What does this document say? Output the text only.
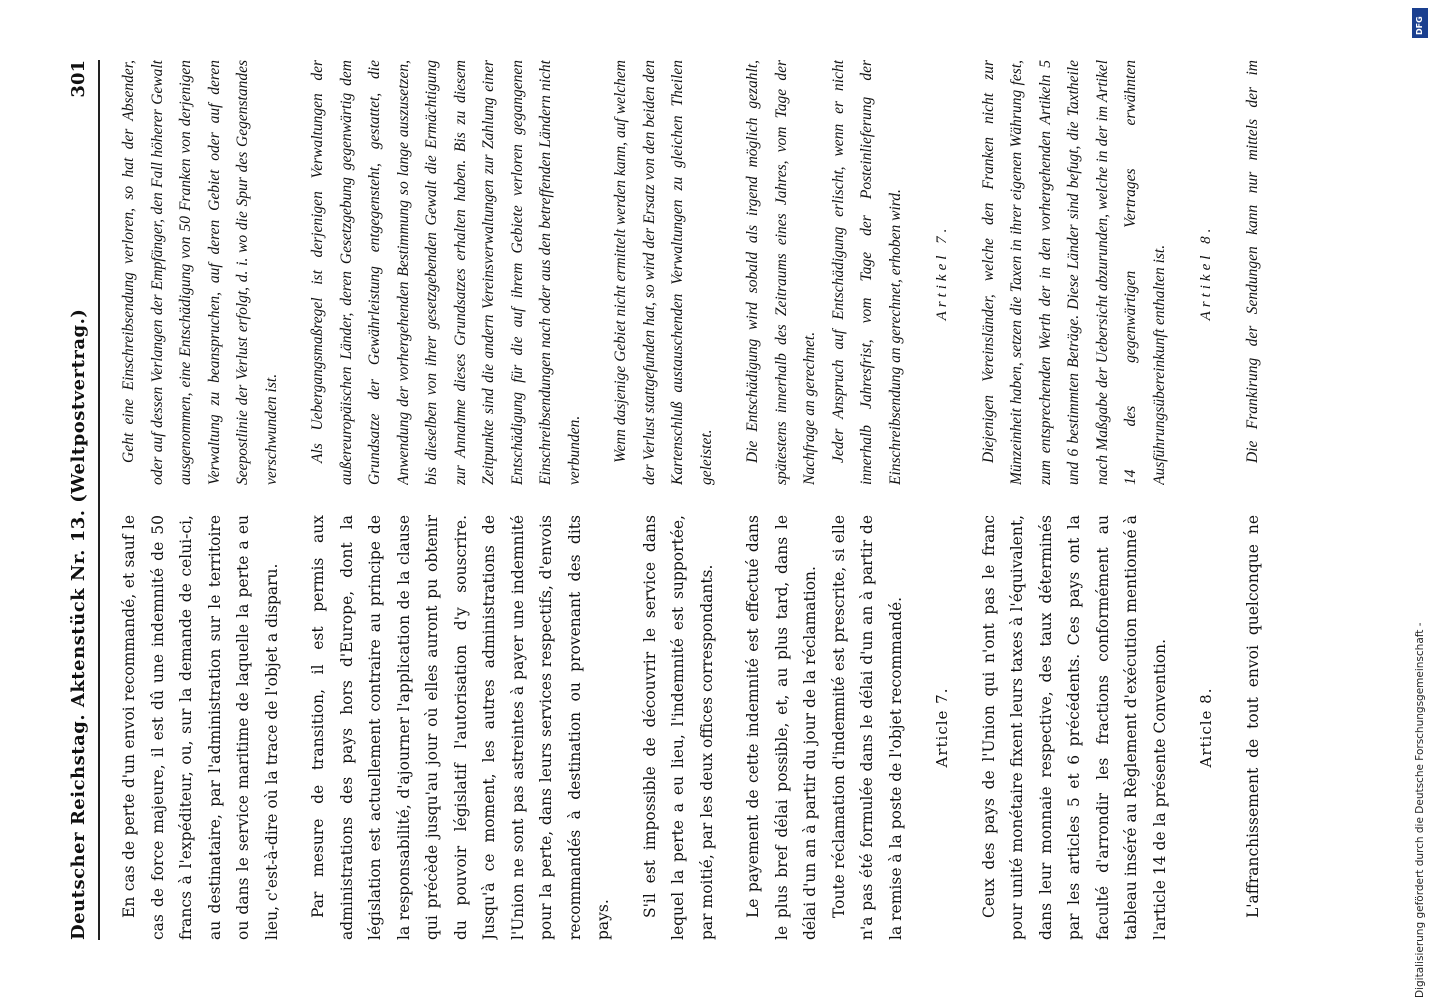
Deutscher Reichstag. Aktenstück Nr. 13. (Weltpostvertrag.)
301

En cas de perte d'un envoi recommandé, et sauf le cas de force majeure, il est dû une indemnité de 50 francs à l'expéditeur, ou, sur la demande de celui-ci, au destinataire, par l'administration sur le territoire ou dans le service maritime de laquelle la perte a eu lieu, c'est-à-dire où la trace de l'objet a disparu.	Par mesure de transition, il est permis aux administrations des pays hors d'Europe, dont la législation est actuellement contraire au principe de la responsabilité, d'ajourner l'application de la clause qui précède jusqu'au jour où elles auront pu obtenir du pouvoir législatif l'autorisation d'y souscrire. Jusqu'à ce moment, les autres administrations de l'Union ne sont pas astreintes à payer une indemnité pour la perte, dans leurs services respectifs, d'envois recommandés à destination ou provenant des dits pays.

S'il est impossible de découvrir le service dans lequel la perte a eu lieu, l'indemnité est supportée, par moitié, par les deux offices correspondants.	Le payement de cette indemnité est effectué dans le plus bref délai possible, et, au plus tard, dans le délai d'un an à partir du jour de la réclamation. Toute réclamation d'indemnité est prescrite, si elle n'a pas été formulée dans le délai d'un an à partir de la remise à la poste de l'objet recommandé.	Article 7.	Ceux des pays de l'Union qui n'ont pas le franc pour unité monétaire fixent leurs taxes à l'équivalent, dans leur monnaie respective, des taux déterminés par les articles 5 et 6 précédents. Ces pays ont la faculté d'arrondir les fractions conformément au tableau inséré au Règlement d'exécution mentionné à l'article 14 de la présente Convention.	Article 8.

L'affranchissement de tout envoi quelconque ne

Geht eine Einschreibsendung verloren, so hat der Absender, oder auf dessen Verlangen der Empfänger, den Fall höherer Gewalt ausgenommen, eine Entschädigung von 50 Franken von derjenigen Verwaltung zu beanspruchen, auf deren Gebiet oder auf deren Seepostlinie der Verlust erfolgt, d. i. wo die Spur des Gegenstandes verschwunden ist.	Als Uebergangsmaßregel ist derjenigen Verwaltungen der außereuropäischen Länder, deren Gesetzgebung gegenwärtig dem Grundsatze der Gewährleistung entgegensteht, gestattet, die Anwendung der vorhergehenden Bestimmung so lange auszusetzen, bis dieselben von ihrer gesetzgebenden Gewalt die Ermächtigung zur Annahme dieses Grundsatzes erhalten haben. Bis zu diesem Zeitpunkte sind die andern Vereinsverwaltungen zur Zahlung einer Entschädigung für die auf ihrem Gebiete verloren gegangenen Einschreibsendungen nach oder aus den betreffenden Ländern nicht verbunden.	Wenn dasjenige Gebiet nicht ermittelt werden kann, auf welchem der Verlust stattgefunden hat, so wird der Ersatz von den beiden den Kartenschluß austauschenden Verwaltungen zu gleichen Theilen geleistet.	Die Entschädigung wird sobald als irgend möglich gezahlt, spätestens innerhalb des Zeitraums eines Jahres, vom Tage der Nachfrage an gerechnet. Jeder Anspruch auf Entschädigung erlischt, wenn er nicht innerhalb Jahresfrist, vom Tage der Posteinlieferung der Einschreibsendung an gerechnet, erhoben wird.	Artikel 7.	Diejenigen Vereinsländer, welche den Franken nicht zur Münzeinheit haben, setzen die Taxen in ihrer eigenen Währung fest, zum entsprechenden Werth der in den vorhergehenden Artikeln 5 und 6 bestimmten Beträge. Diese Länder sind befugt, die Taxtheile nach Maßgabe der Uebersicht abzurunden, welche in der im Artikel 14 des gegenwärtigen Vertrages erwähnten Ausführungsübereinkunft enthalten ist.	Artikel 8.

Die Frankirung der Sendungen kann nur mittels der im

Digitalisierung gefördert durch die Deutsche Forschungsgemeinschaft -
DFG
